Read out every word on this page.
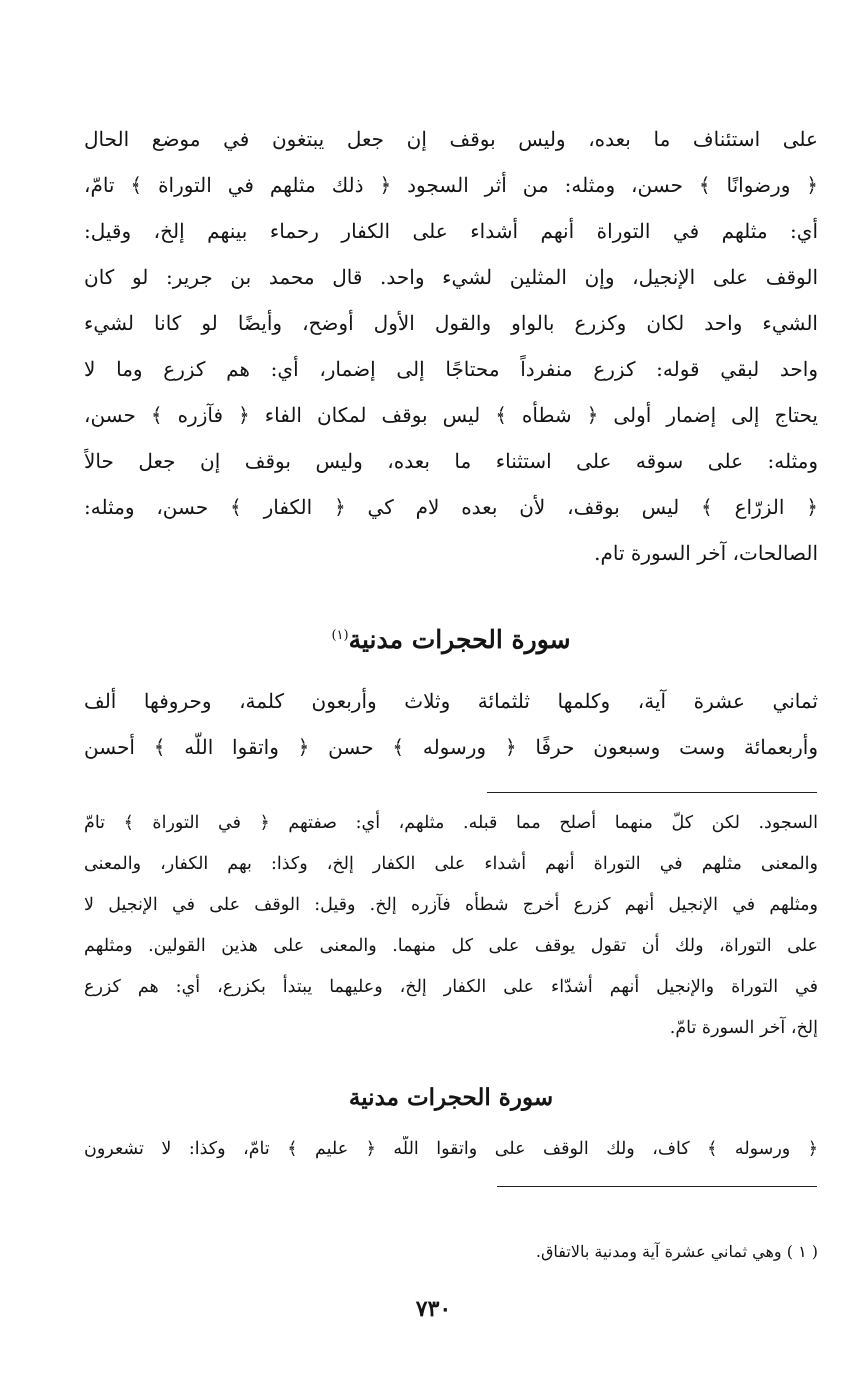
على استئناف ما بعده، وليس بوقف إن جعل يبتغون في موضع الحال
﴿ ورضوانًا ﴾ حسن، ومثله: من أثر السجود ﴿ ذلك مثلهم في التوراة ﴾ تامّ،
أي: مثلهم في التوراة أنهم أشداء على الكفار رحماء بينهم إلخ، وقيل:
الوقف على الإنجيل، وإن المثلين لشيء واحد. قال محمد بن جرير: لو كان
الشيء واحد لكان وكزرع بالواو والقول الأول أوضح، وأيضًا لو كانا لشيء
واحد لبقي قوله: كزرع منفرداً محتاجًا إلى إضمار، أي: هم كزرع وما لا
يحتاج إلى إضمار أولى ﴿ شطأه ﴾ ليس بوقف لمكان الفاء ﴿ فآزره ﴾ حسن،
ومثله: على سوقه على استثناء ما بعده، وليس بوقف إن جعل حالاً
﴿ الزرّاع ﴾ ليس بوقف، لأن بعده لام كي ﴿ الكفار ﴾ حسن، ومثله:
الصالحات، آخر السورة تام.
سورة الحجرات مدنية$^{(١)}$
ثماني عشرة آية، وكلمها ثلثمائة وثلاث وأربعون كلمة، وحروفها ألف
وأربعمائة وست وسبعون حرفًا ﴿ ورسوله ﴾ حسن ﴿ واتقوا اللّه ﴾ أحسن
السجود. لكن كلّ منهما أصلح مما قبله. مثلهم، أي: صفتهم ﴿ في التوراة ﴾ تامّ
والمعنى مثلهم في التوراة أنهم أشداء على الكفار إلخ، وكذا: بهم الكفار، والمعنى
ومثلهم في الإنجيل أنهم كزرع أخرج شطأه فآزره إلخ. وقيل: الوقف على في الإنجيل لا
على التوراة، ولك أن تقول يوقف على كل منهما. والمعنى على هذين القولين. ومثلهم
في التوراة والإنجيل أنهم أشدّاء على الكفار إلخ، وعليهما يبتدأ بكزرع، أي: هم كزرع
إلخ، آخر السورة تامّ.
سورة الحجرات مدنية
﴿ ورسوله ﴾ كاف، ولك الوقف على واتقوا اللّه ﴿ عليم ﴾ تامّ، وكذا: لا تشعرون
( ١ ) وهي ثماني عشرة آية ومدنية بالاتفاق.
٧٣٠
